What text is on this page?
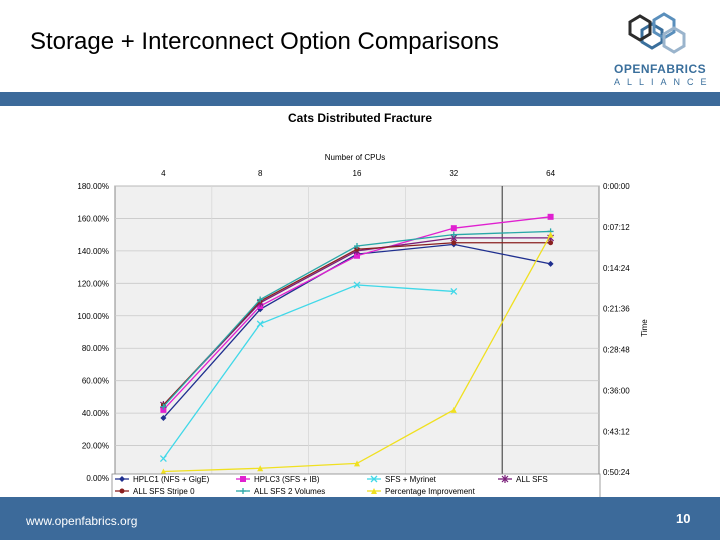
Storage + Interconnect Option Comparisons
OPENFABRICS
ALLIANCE
Cats Distributed Fracture
Number of CPUs
Time
180.00%
160.00%
140.00%
120.00%
100.00%
80.00%
60.00%
40.00%
20.00%
0.00%
4	8	16	32	64
0:00:00
0:07:12
0:14:24
0:21:36
0:28:48
0:36:00
0:43:12
0:50:24
HPLC1 (NFS + GigE)	HPLC3 (SFS + IB)	SFS + Myrinet	ALL SFS
ALL SFS Stripe 0	ALL SFS 2 Volumes	Percentage Improvement
www.openfabrics.org	10
